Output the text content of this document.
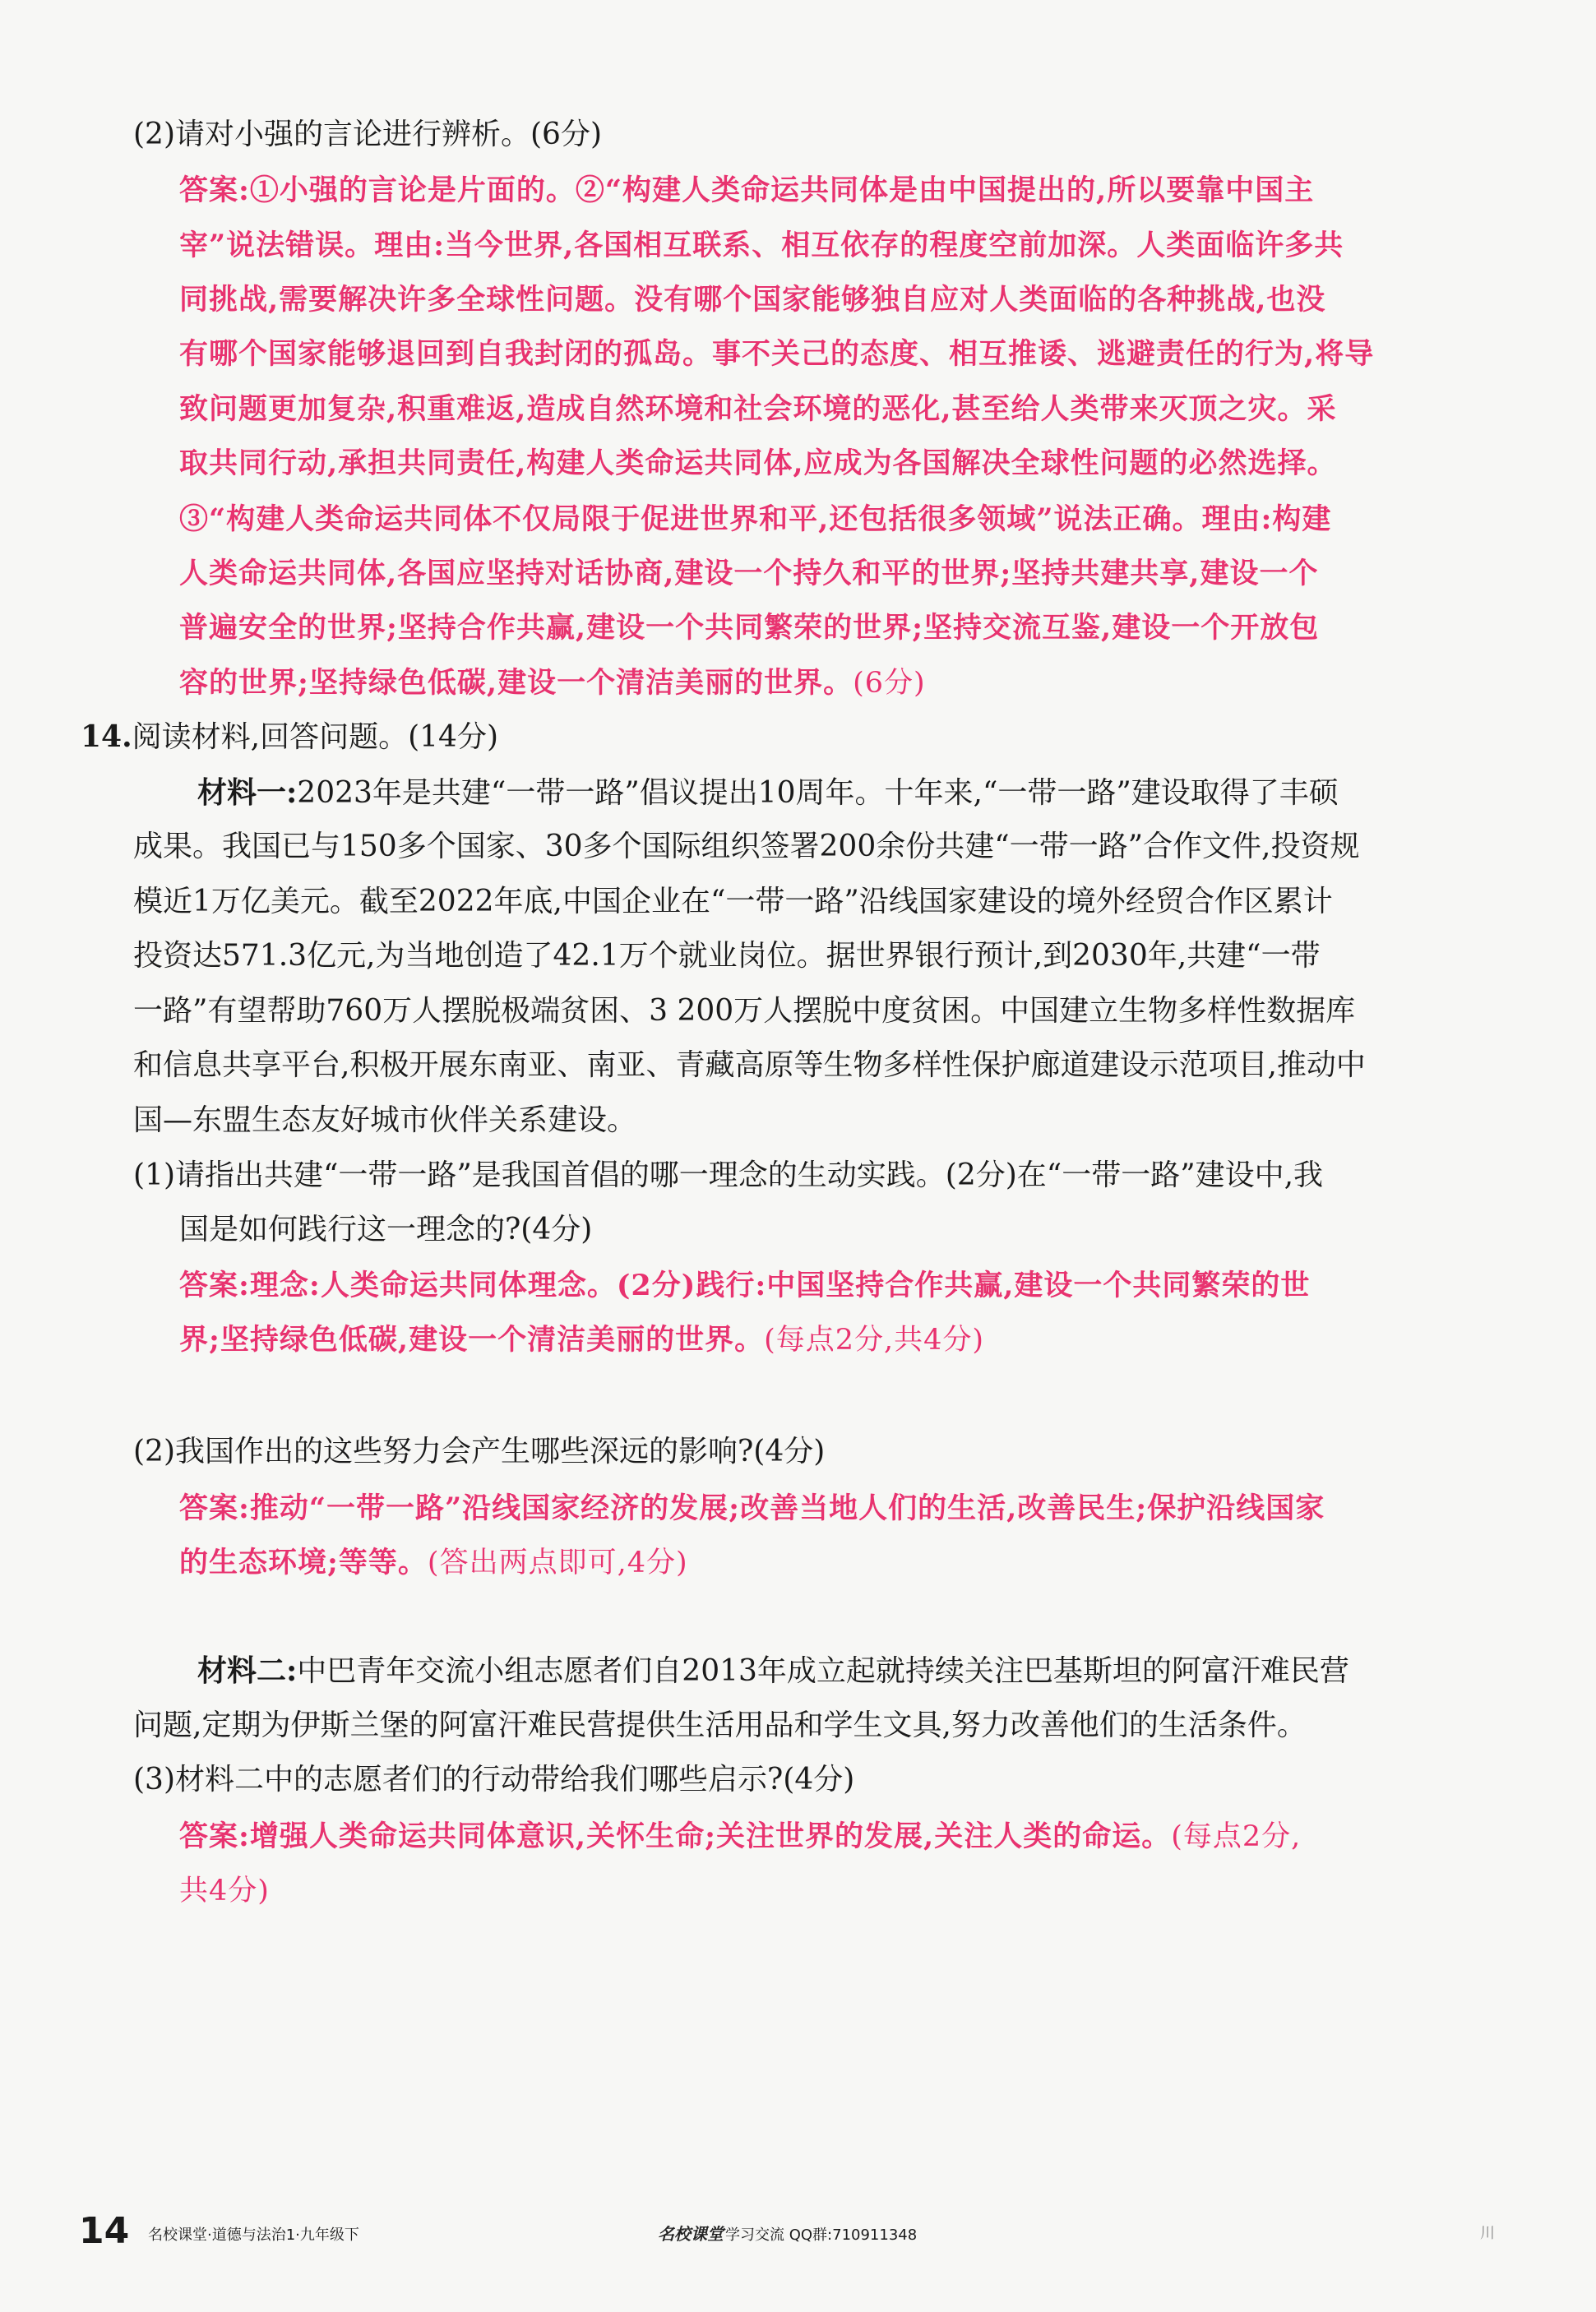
(2)请对小强的言论进行辨析。(6分)
答案:①小强的言论是片面的。②“构建人类命运共同体是由中国提出的,所以要靠中国主
宰”说法错误。理由:当今世界,各国相互联系、相互依存的程度空前加深。人类面临许多共
同挑战,需要解决许多全球性问题。没有哪个国家能够独自应对人类面临的各种挑战,也没
有哪个国家能够退回到自我封闭的孤岛。事不关己的态度、相互推诿、逃避责任的行为,将导
致问题更加复杂,积重难返,造成自然环境和社会环境的恶化,甚至给人类带来灭顶之灾。采
取共同行动,承担共同责任,构建人类命运共同体,应成为各国解决全球性问题的必然选择。
③“构建人类命运共同体不仅局限于促进世界和平,还包括很多领域”说法正确。理由:构建
人类命运共同体,各国应坚持对话协商,建设一个持久和平的世界;坚持共建共享,建设一个
普遍安全的世界;坚持合作共赢,建设一个共同繁荣的世界;坚持交流互鉴,建设一个开放包
容的世界;坚持绿色低碳,建设一个清洁美丽的世界。(6分)
14.阅读材料,回答问题。(14分)
材料一:2023年是共建“一带一路”倡议提出10周年。十年来,“一带一路”建设取得了丰硕
成果。我国已与150多个国家、30多个国际组织签署200余份共建“一带一路”合作文件,投资规
模近1万亿美元。截至2022年底,中国企业在“一带一路”沿线国家建设的境外经贸合作区累计
投资达571.3亿元,为当地创造了42.1万个就业岗位。据世界银行预计,到2030年,共建“一带
一路”有望帮助760万人摆脱极端贫困、3 200万人摆脱中度贫困。中国建立生物多样性数据库
和信息共享平台,积极开展东南亚、南亚、青藏高原等生物多样性保护廊道建设示范项目,推动中
国—东盟生态友好城市伙伴关系建设。
(1)请指出共建“一带一路”是我国首倡的哪一理念的生动实践。(2分)在“一带一路”建设中,我
国是如何践行这一理念的?(4分)
答案:理念:人类命运共同体理念。(2分)践行:中国坚持合作共赢,建设一个共同繁荣的世
界;坚持绿色低碳,建设一个清洁美丽的世界。(每点2分,共4分)
(2)我国作出的这些努力会产生哪些深远的影响?(4分)
答案:推动“一带一路”沿线国家经济的发展;改善当地人们的生活,改善民生;保护沿线国家
的生态环境;等等。(答出两点即可,4分)
材料二:中巴青年交流小组志愿者们自2013年成立起就持续关注巴基斯坦的阿富汗难民营
问题,定期为伊斯兰堡的阿富汗难民营提供生活用品和学生文具,努力改善他们的生活条件。
(3)材料二中的志愿者们的行动带给我们哪些启示?(4分)
答案:增强人类命运共同体意识,关怀生命;关注世界的发展,关注人类的命运。(每点2分,
共4分)
14 名校课堂·道德与法治1·九年级下	名校课堂 学习交流 QQ群:710911348	川
